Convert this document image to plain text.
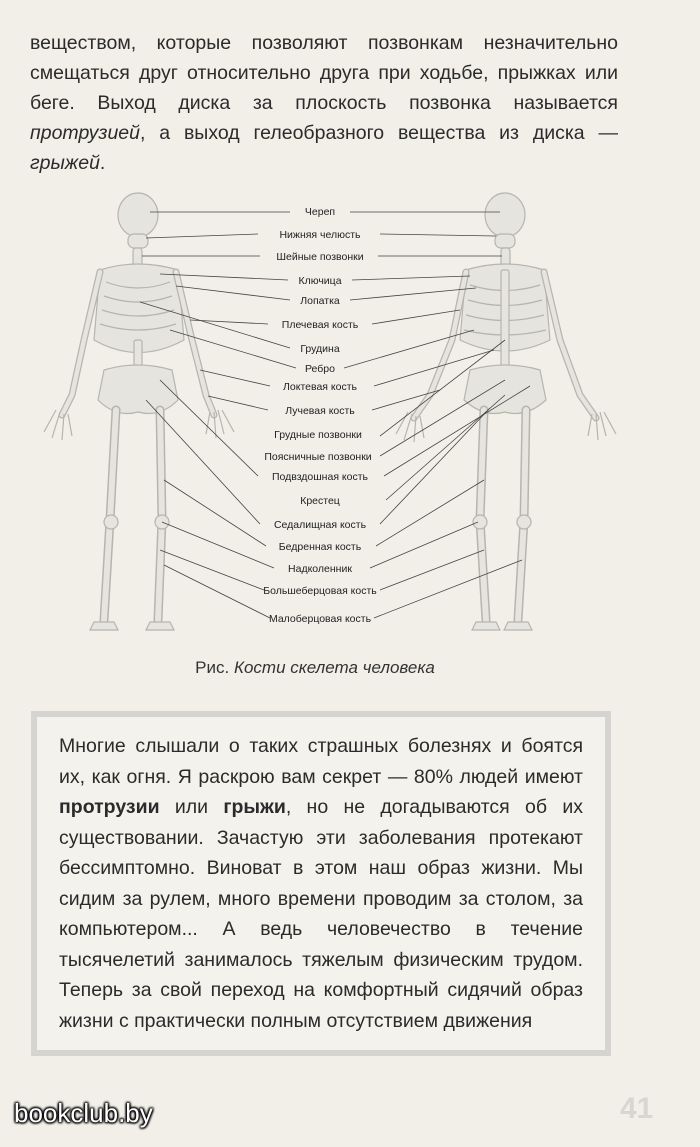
веществом, которые позволяют позвонкам незначительно смещаться друг относительно друга при ходьбе, прыжках или беге. Выход диска за плоскость позвонка называется протрузией, а выход гелеобразного вещества из диска — грыжей.

Череп
Нижняя челюсть
Шейные позвонки
Ключица
Лопатка
Плечевая кость
Грудина
Ребро
Локтевая кость
Лучевая кость
Грудные позвонки
Поясничные позвонки
Подвздошная кость
Крестец
Седалищная кость
Бедренная кость
Надколенник
Большеберцовая кость
Малоберцовая кость
Рис. Кости скелета человека

Многие слышали о таких страшных болезнях и боятся их, как огня. Я раскрою вам секрет — 80% людей имеют протрузии или грыжи, но не догадываются об их существовании. Зачастую эти заболевания протекают бессимптомно. Виноват в этом наш образ жизни. Мы сидим за рулем, много времени проводим за столом, за компьютером... А ведь человечество в течение тысячелетий занималось тяжелым физическим трудом. Теперь за свой переход на комфортный сидячий образ жизни с практически полным отсутствием движения

bookclub.by	41
